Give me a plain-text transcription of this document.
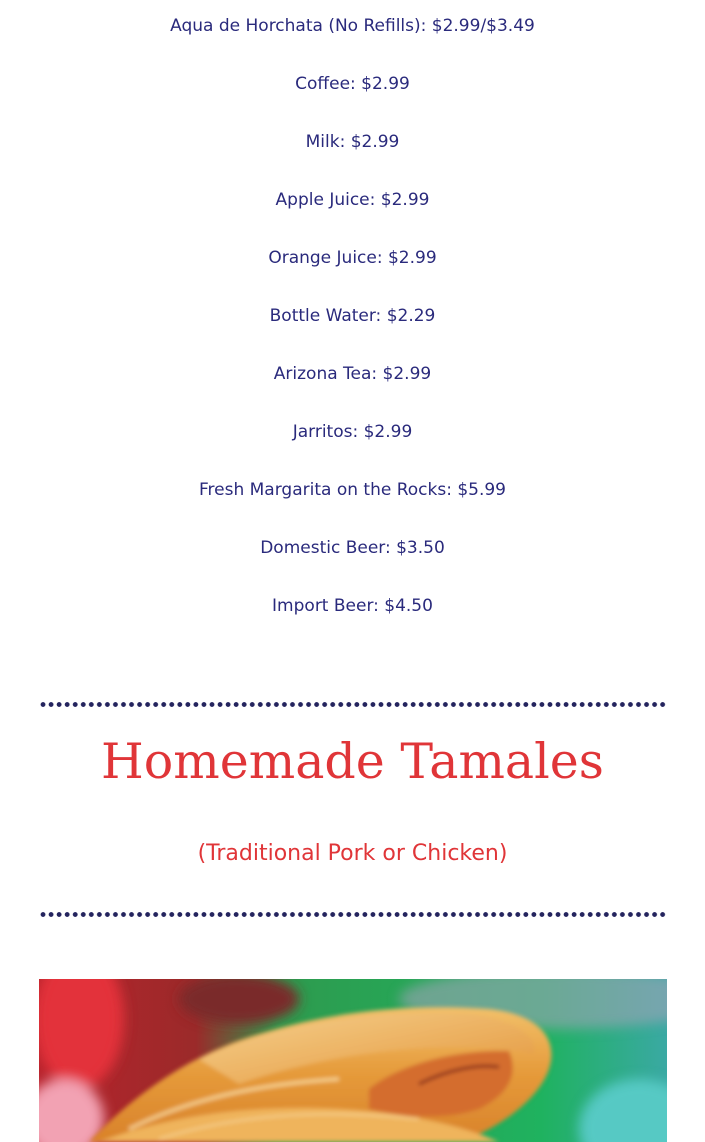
Aqua de Horchata (No Refills): $2.99/$3.49
Coffee: $2.99
Milk: $2.99
Apple Juice: $2.99
Orange Juice: $2.99
Bottle Water: $2.29
Arizona Tea: $2.99
Jarritos: $2.99
Fresh Margarita on the Rocks: $5.99
Domestic Beer: $3.50
Import Beer: $4.50
Homemade Tamales
(Traditional Pork or Chicken)
